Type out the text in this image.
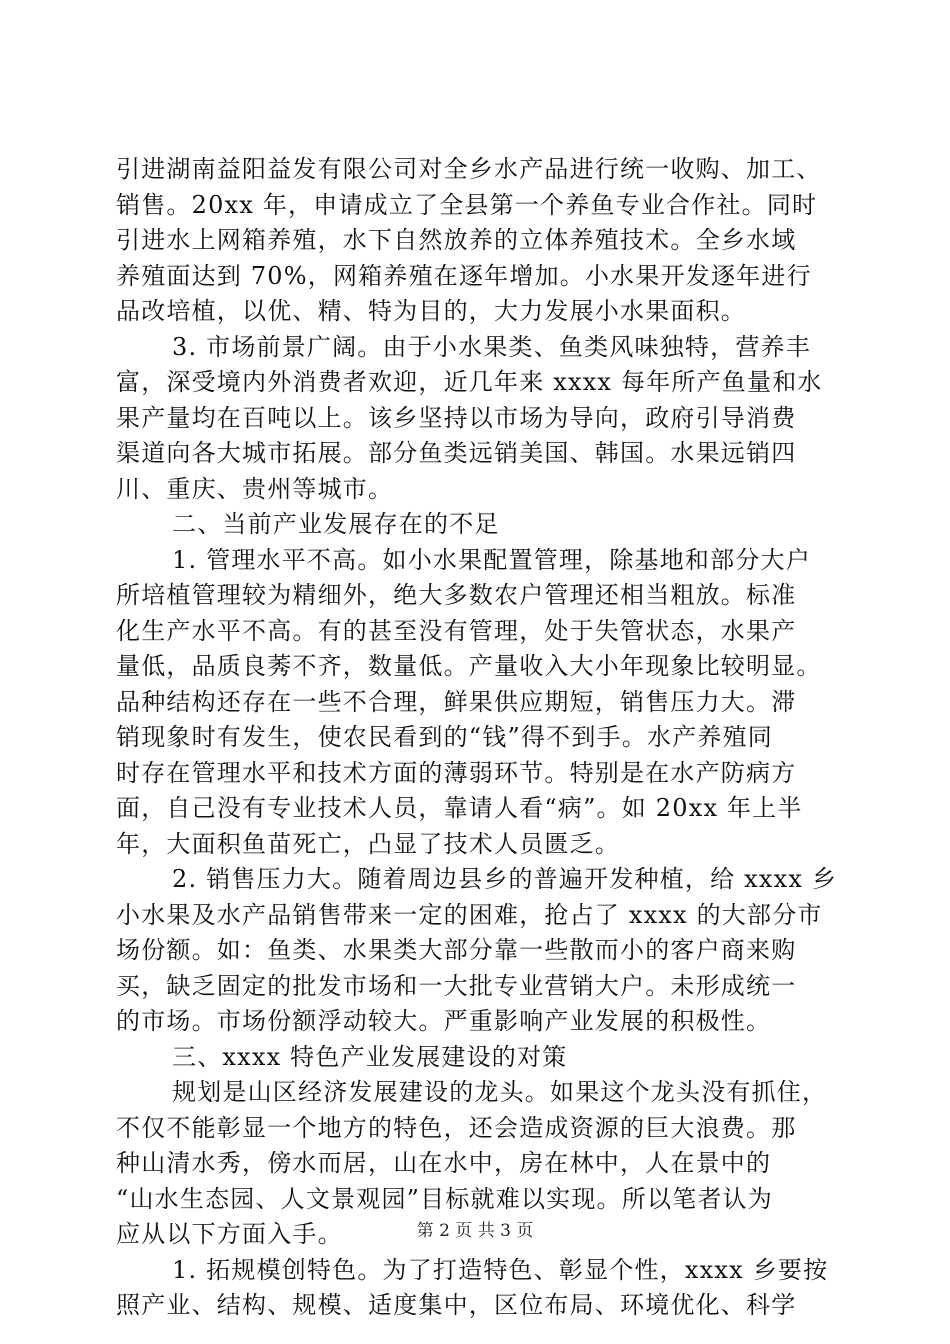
引进湖南益阳益发有限公司对全乡水产品进行统一收购、加工、
销售。20xx 年，申请成立了全县第一个养鱼专业合作社。同时
引进水上网箱养殖，水下自然放养的立体养殖技术。全乡水域
养殖面达到 70%，网箱养殖在逐年增加。小水果开发逐年进行
品改培植，以优、精、特为目的，大力发展小水果面积。
3. 市场前景广阔。由于小水果类、鱼类风味独特，营养丰
富，深受境内外消费者欢迎，近几年来 xxxx 每年所产鱼量和水
果产量均在百吨以上。该乡坚持以市场为导向，政府引导消费
渠道向各大城市拓展。部分鱼类远销美国、韩国。水果远销四
川、重庆、贵州等城市。
二、当前产业发展存在的不足
1. 管理水平不高。如小水果配置管理，除基地和部分大户
所培植管理较为精细外，绝大多数农户管理还相当粗放。标准
化生产水平不高。有的甚至没有管理，处于失管状态，水果产
量低，品质良莠不齐，数量低。产量收入大小年现象比较明显。
品种结构还存在一些不合理，鲜果供应期短，销售压力大。滞
销现象时有发生，使农民看到的“钱”得不到手。水产养殖同
时存在管理水平和技术方面的薄弱环节。特别是在水产防病方
面，自己没有专业技术人员，靠请人看“病”。如 20xx 年上半
年，大面积鱼苗死亡，凸显了技术人员匮乏。
2. 销售压力大。随着周边县乡的普遍开发种植，给 xxxx 乡
小水果及水产品销售带来一定的困难，抢占了 xxxx 的大部分市
场份额。如：鱼类、水果类大部分靠一些散而小的客户商来购
买，缺乏固定的批发市场和一大批专业营销大户。未形成统一
的市场。市场份额浮动较大。严重影响产业发展的积极性。
三、xxxx 特色产业发展建设的对策
规划是山区经济发展建设的龙头。如果这个龙头没有抓住，
不仅不能彰显一个地方的特色，还会造成资源的巨大浪费。那
种山清水秀，傍水而居，山在水中，房在林中，人在景中的
“山水生态园、人文景观园”目标就难以实现。所以笔者认为
应从以下方面入手。
1. 拓规模创特色。为了打造特色、彰显个性，xxxx 乡要按
照产业、结构、规模、适度集中，区位布局、环境优化、科学
第 2 页 共 3 页
